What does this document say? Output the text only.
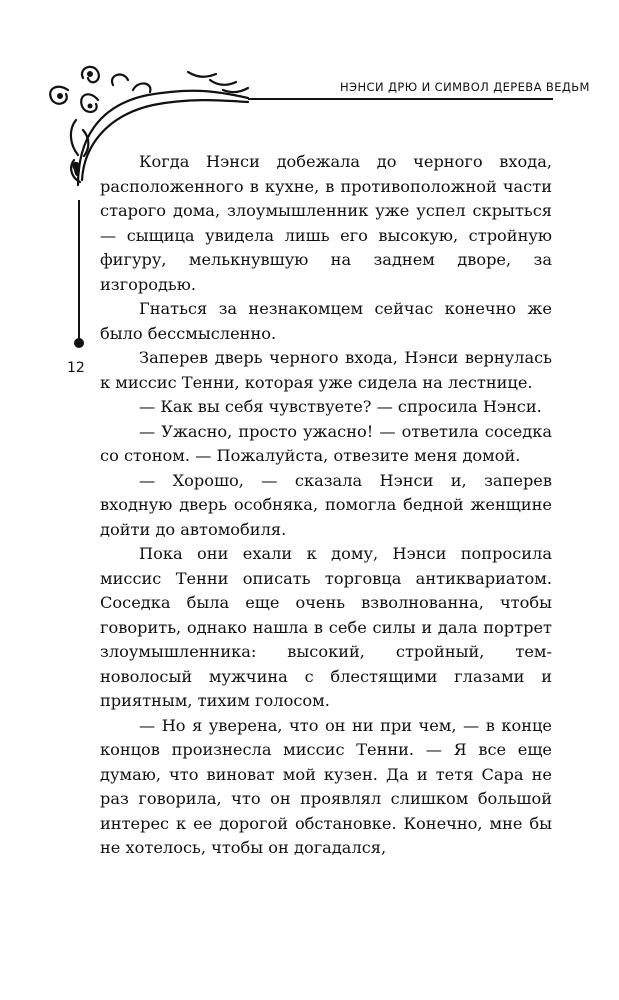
НЭНСИ ДРЮ И СИМВОЛ ДЕРЕВА ВЕДЬМ
12

Когда Нэнси добежала до черного входа, расположенного в кухне, в противоположной части старого дома, злоумышленник уже успел скрыться — сыщица увидела лишь его высокую, стройную фигуру, мелькнувшую на заднем дворе, за изгородью.

Гнаться за незнакомцем сейчас конечно же было бессмысленно.

Заперев дверь черного входа, Нэнси вернулась к миссис Тенни, которая уже сидела на лестнице.

— Как вы себя чувствуете? — спросила Нэнси.

— Ужасно, просто ужасно! — ответила соседка со стоном. — Пожалуйста, отвезите меня домой.

— Хорошо, — сказала Нэнси и, заперев входную дверь особняка, помогла бедной женщине дойти до автомобиля.

Пока они ехали к дому, Нэнси попросила миссис Тенни описать торговца антиквариатом. Соседка была еще очень взволнованна, чтобы говорить, однако нашла в себе силы и дала портрет злоумышленника: высокий, стройный, темноволосый мужчина с блестящими глазами и приятным, тихим голосом.

— Но я уверена, что он ни при чем, — в конце концов произнесла миссис Тенни. — Я все еще думаю, что виноват мой кузен. Да и тетя Сара не раз говорила, что он проявлял слишком большой интерес к ее дорогой обстановке. Конечно, мне бы не хотелось, чтобы он догадался,
